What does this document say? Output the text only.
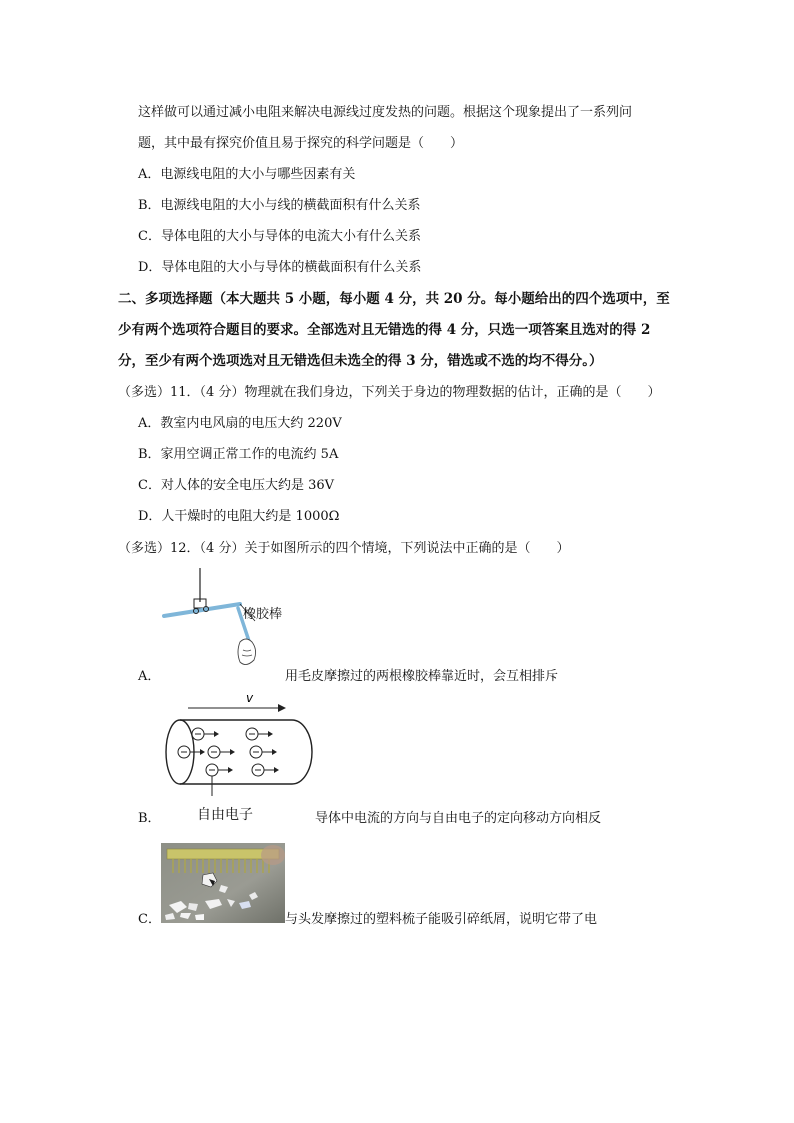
这样做可以通过减小电阻来解决电源线过度发热的问题。根据这个现象提出了一系列问
题，其中最有探究价值且易于探究的科学问题是（　　）
A．电源线电阻的大小与哪些因素有关
B．电源线电阻的大小与线的横截面积有什么关系
C．导体电阻的大小与导体的电流大小有什么关系
D．导体电阻的大小与导体的横截面积有什么关系
二、多项选择题（本大题共 5 小题，每小题 4 分，共 20 分。每小题给出的四个选项中，至
少有两个选项符合题目的要求。全部选对且无错选的得 4 分，只选一项答案且选对的得 2
分，至少有两个选项选对且无错选但未选全的得 3 分，错选或不选的均不得分。）
（多选）11．（4 分）物理就在我们身边，下列关于身边的物理数据的估计，正确的是（　　）
A．教室内电风扇的电压大约 220V
B．家用空调正常工作的电流约 5A
C．对人体的安全电压大约是 36V
D．人干燥时的电阻大约是 1000Ω
（多选）12．（4 分）关于如图所示的四个情境，下列说法中正确的是（　　）
橡胶棒
A．	用毛皮摩擦过的两根橡胶棒靠近时，会互相排斥
v
自由电子
B．	导体中电流的方向与自由电子的定向移动方向相反
C．	与头发摩擦过的塑料梳子能吸引碎纸屑，说明它带了电
